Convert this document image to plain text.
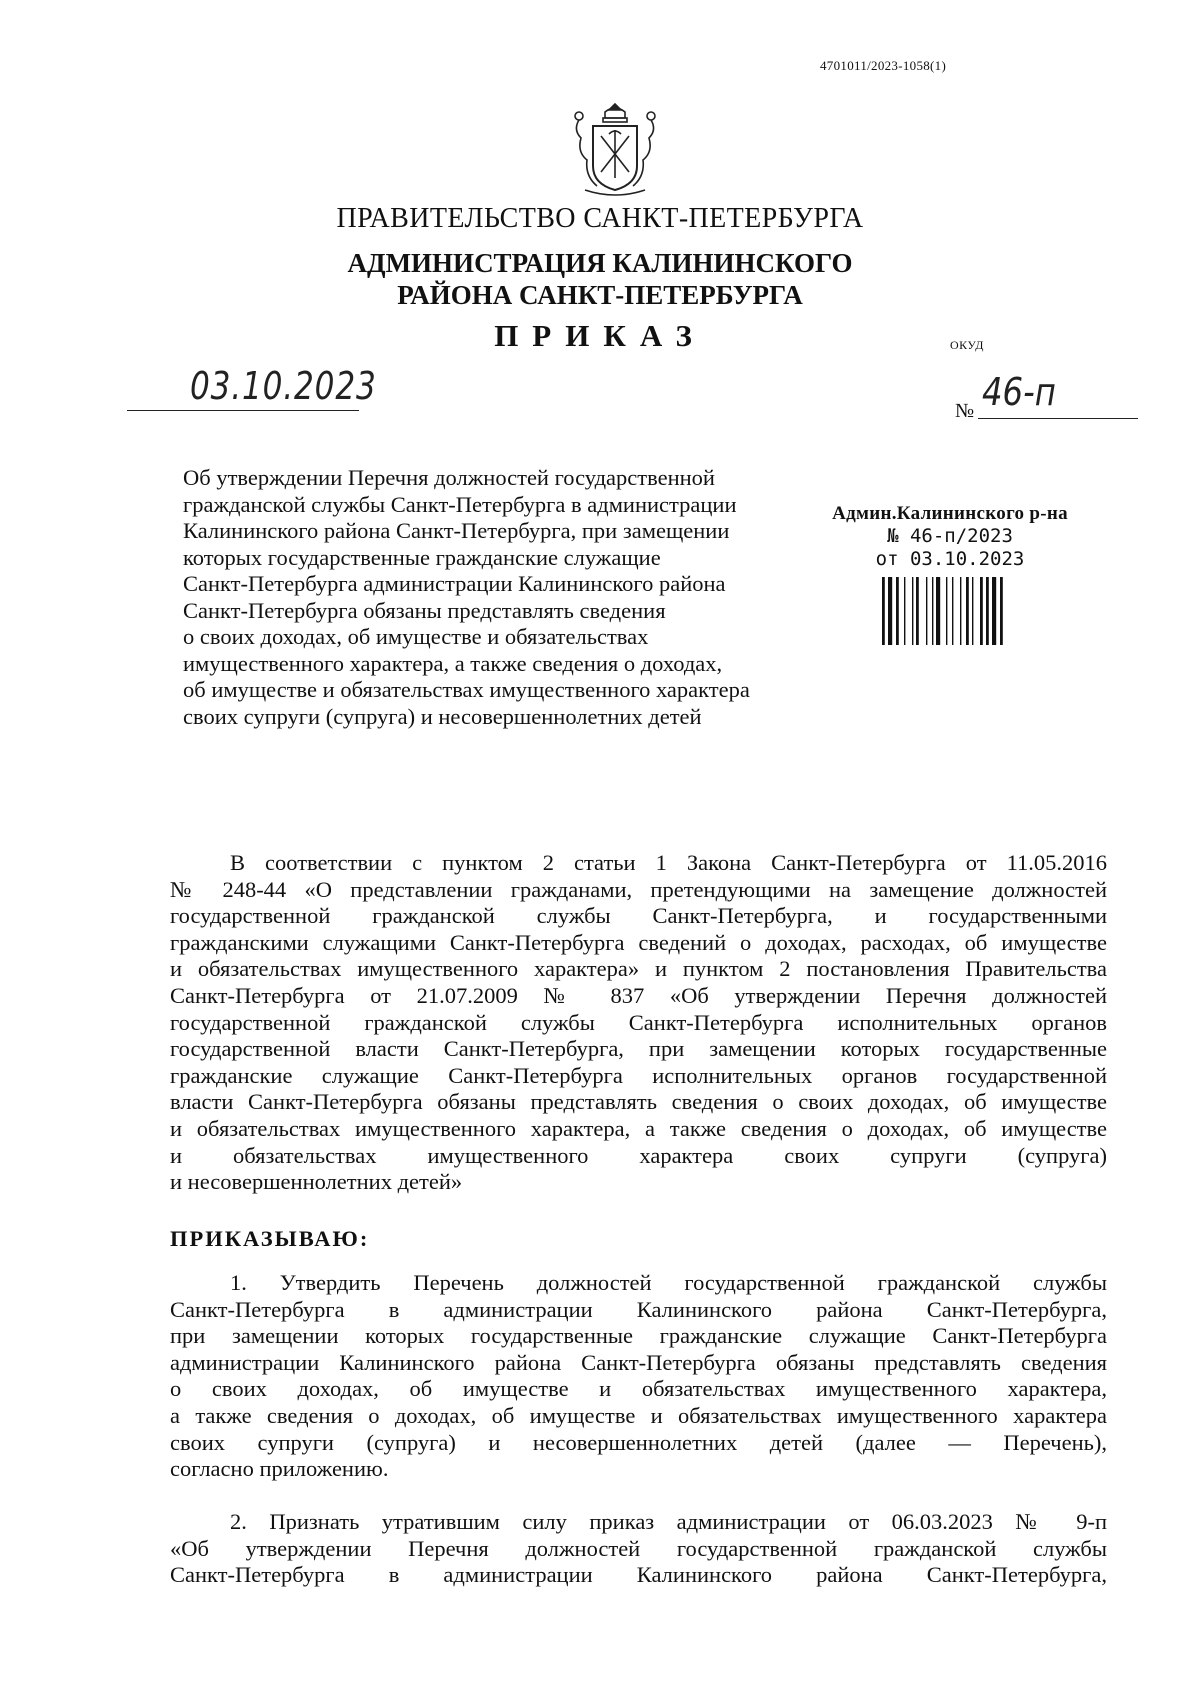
4701011/2023-1058(1)
ПРАВИТЕЛЬСТВО САНКТ-ПЕТЕРБУРГА
АДМИНИСТРАЦИЯ КАЛИНИНСКОГО
РАЙОНА САНКТ-ПЕТЕРБУРГА
ПРИКАЗ	ОКУД
03.10.2023
№ 46-п
Об утверждении Перечня должностей государственной
гражданской службы Санкт-Петербурга в администрации
Калининского района Санкт-Петербурга, при замещении
которых государственные гражданские служащие
Санкт-Петербурга администрации Калининского района
Санкт-Петербурга обязаны представлять сведения
о своих доходах, об имуществе и обязательствах
имущественного характера, а также сведения о доходах,
об имуществе и обязательствах имущественного характера
своих супруги (супруга) и несовершеннолетних детей
Админ.Калининского р-на
№ 46-п/2023
от 03.10.2023
В соответствии с пунктом 2 статьи 1 Закона Санкт-Петербурга от 11.05.2016
№ 248-44 «О представлении гражданами, претендующими на замещение должностей
государственной гражданской службы Санкт-Петербурга, и государственными
гражданскими служащими Санкт-Петербурга сведений о доходах, расходах, об имуществе
и обязательствах имущественного характера» и пунктом 2 постановления Правительства
Санкт-Петербурга от 21.07.2009 № 837 «Об утверждении Перечня должностей
государственной гражданской службы Санкт-Петербурга исполнительных органов
государственной власти Санкт-Петербурга, при замещении которых государственные
гражданские служащие Санкт-Петербурга исполнительных органов государственной
власти Санкт-Петербурга обязаны представлять сведения о своих доходах, об имуществе
и обязательствах имущественного характера, а также сведения о доходах, об имуществе
и обязательствах имущественного характера своих супруги (супруга)
и несовершеннолетних детей»
ПРИКАЗЫВАЮ:
1. Утвердить Перечень должностей государственной гражданской службы
Санкт-Петербурга в администрации Калининского района Санкт-Петербурга,
при замещении которых государственные гражданские служащие Санкт-Петербурга
администрации Калининского района Санкт-Петербурга обязаны представлять сведения
о своих доходах, об имуществе и обязательствах имущественного характера,
а также сведения о доходах, об имуществе и обязательствах имущественного характера
своих супруги (супруга) и несовершеннолетних детей (далее — Перечень),
согласно приложению.
2. Признать утратившим силу приказ администрации от 06.03.2023 № 9-п
«Об утверждении Перечня должностей государственной гражданской службы
Санкт-Петербурга в администрации Калининского района Санкт-Петербурга,
